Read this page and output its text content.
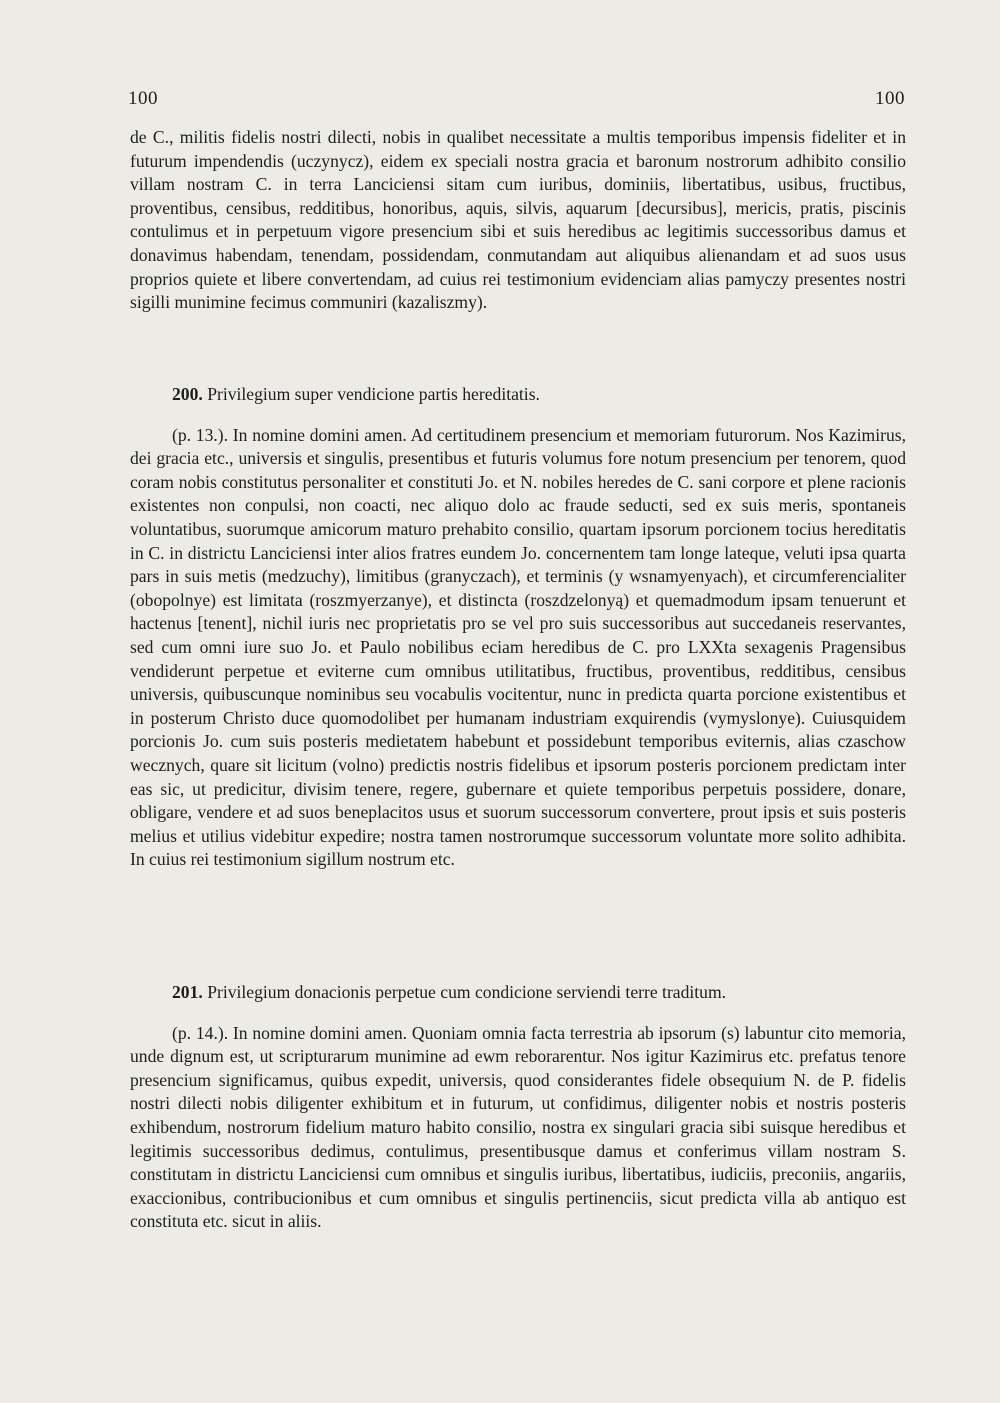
100	100

de C., militis fidelis nostri dilecti, nobis in qualibet necessitate a multis temporibus impensis fideliter et in futurum impendendis (uczynycz), eidem ex speciali nostra gracia et baronum nostrorum adhibito consilio villam nostram C. in terra Lanciciensi sitam cum iuribus, dominiis, libertatibus, usibus, fructibus, proventibus, censibus, redditibus, honoribus, aquis, silvis, aquarum [decursibus], mericis, pratis, piscinis contulimus et in perpetuum vigore presencium sibi et suis heredibus ac legitimis successoribus damus et donavimus habendam, tenendam, possidendam, conmutandam aut aliquibus alienandam et ad suos usus proprios quiete et libere convertendam, ad cuius rei testimonium evidenciam alias pamyczy presentes nostri sigilli munimine fecimus communiri (kazaliszmy).

200. Privilegium super vendicione partis hereditatis.

(p. 13.). In nomine domini amen. Ad certitudinem presencium et memoriam futurorum. Nos Kazimirus, dei gracia etc., universis et singulis, presentibus et futuris volumus fore notum presencium per tenorem, quod coram nobis constitutus personaliter et constituti Jo. et N. nobiles heredes de C. sani corpore et plene racionis existentes non conpulsi, non coacti, nec aliquo dolo ac fraude seducti, sed ex suis meris, spontaneis voluntatibus, suorumque amicorum maturo prehabito consilio, quartam ipsorum porcionem tocius hereditatis in C. in districtu Lanciciensi inter alios fratres eundem Jo. concernentem tam longe lateque, veluti ipsa quarta pars in suis metis (medzuchy), limitibus (granyczach), et terminis (y wsnamyenyach), et circumferencialiter (obopolnye) est limitata (roszmyerzanye), et distincta (roszdzelonyą) et quemadmodum ipsam tenuerunt et hactenus [tenent], nichil iuris nec proprietatis pro se vel pro suis successoribus aut succedaneis reservantes, sed cum omni iure suo Jo. et Paulo nobilibus eciam heredibus de C. pro LXXta sexagenis Pragensibus vendiderunt perpetue et eviterne cum omnibus utilitatibus, fructibus, proventibus, redditibus, censibus universis, quibuscunque nominibus seu vocabulis vocitentur, nunc in predicta quarta porcione existentibus et in posterum Christo duce quomodolibet per humanam industriam exquirendis (vymyslonye). Cuiusquidem porcionis Jo. cum suis posteris medietatem habebunt et possidebunt temporibus eviternis, alias czaschow wecznych, quare sit licitum (volno) predictis nostris fidelibus et ipsorum posteris porcionem predictam inter eas sic, ut predicitur, divisim tenere, regere, gubernare et quiete temporibus perpetuis possidere, donare, obligare, vendere et ad suos beneplacitos usus et suorum successorum convertere, prout ipsis et suis posteris melius et utilius videbitur expedire; nostra tamen nostrorumque successorum voluntate more solito adhibita. In cuius rei testimonium sigillum nostrum etc.

201. Privilegium donacionis perpetue cum condicione serviendi terre traditum.

(p. 14.). In nomine domini amen. Quoniam omnia facta terrestria ab ipsorum (s) labuntur cito memoria, unde dignum est, ut scripturarum munimine ad ewm reborarentur. Nos igitur Kazimirus etc. prefatus tenore presencium significamus, quibus expedit, universis, quod considerantes fidele obsequium N. de P. fidelis nostri dilecti nobis diligenter exhibitum et in futurum, ut confidimus, diligenter nobis et nostris posteris exhibendum, nostrorum fidelium maturo habito consilio, nostra ex singulari gracia sibi suisque heredibus et legitimis successoribus dedimus, contulimus, presentibusque damus et conferimus villam nostram S. constitutam in districtu Lanciciensi cum omnibus et singulis iuribus, libertatibus, iudiciis, preconiis, angariis, exaccionibus, contribucionibus et cum omnibus et singulis pertinenciis, sicut predicta villa ab antiquo est constituta etc. sicut in aliis.
